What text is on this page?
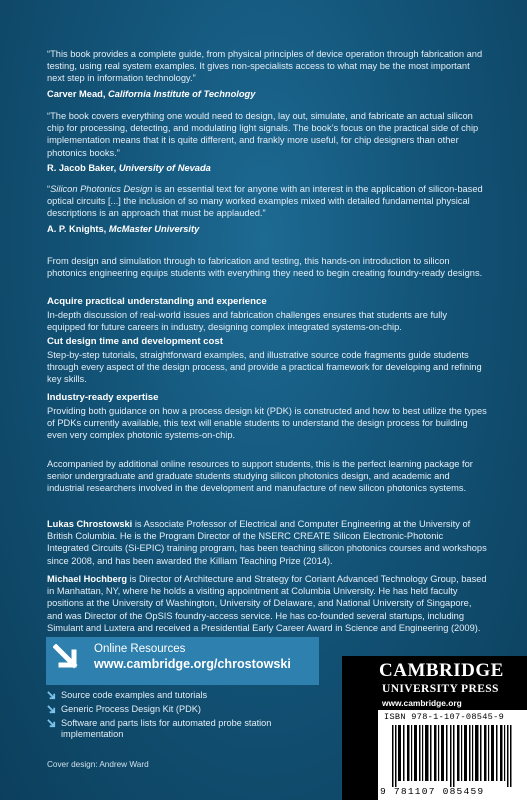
“This book provides a complete guide, from physical principles of device operation through fabrication and testing, using real system examples. It gives non-specialists access to what may be the most important next step in information technology.”

Carver Mead, California Institute of Technology

“The book covers everything one would need to design, lay out, simulate, and fabricate an actual silicon chip for processing, detecting, and modulating light signals. The book’s focus on the practical side of chip implementation means that it is quite different, and frankly more useful, for chip designers than other photonics books.”

R. Jacob Baker, University of Nevada

“Silicon Photonics Design is an essential text for anyone with an interest in the application of silicon-based optical circuits [...] the inclusion of so many worked examples mixed with detailed fundamental physical descriptions is an approach that must be applauded.”

A. P. Knights, McMaster University

From design and simulation through to fabrication and testing, this hands-on introduction to silicon photonics engineering equips students with everything they need to begin creating foundry-ready designs.

Acquire practical understanding and experience

In-depth discussion of real-world issues and fabrication challenges ensures that students are fully equipped for future careers in industry, designing complex integrated systems-on-chip.

Cut design time and development cost

Step-by-step tutorials, straightforward examples, and illustrative source code fragments guide students through every aspect of the design process, and provide a practical framework for developing and refining key skills.

Industry-ready expertise

Providing both guidance on how a process design kit (PDK) is constructed and how to best utilize the types of PDKs currently available, this text will enable students to understand the design process for building even very complex photonic systems-on-chip.

Accompanied by additional online resources to support students, this is the perfect learning package for senior undergraduate and graduate students studying silicon photonics design, and academic and industrial researchers involved in the development and manufacture of new silicon photonics systems.

Lukas Chrostowski is Associate Professor of Electrical and Computer Engineering at the University of British Columbia. He is the Program Director of the NSERC CREATE Silicon Electronic-Photonic Integrated Circuits (Si-EPIC) training program, has been teaching silicon photonics courses and workshops since 2008, and has been awarded the Killiam Teaching Prize (2014).

Michael Hochberg is Director of Architecture and Strategy for Coriant Advanced Technology Group, based in Manhattan, NY, where he holds a visiting appointment at Columbia University. He has held faculty positions at the University of Washington, University of Delaware, and National University of Singapore, and was Director of the OpSIS foundry-access service. He has co-founded several startups, including Simulant and Luxtera and received a Presidential Early Career Award in Science and Engineering (2009).

Online Resources
www.cambridge.org/chrostowski
Source code examples and tutorials
Generic Process Design Kit (PDK)
Software and parts lists for automated probe station implementation
Cover design: Andrew Ward
CAMBRIDGE
UNIVERSITY PRESS
www.cambridge.org
ISBN 978-1-107-08545-9
9 781107 085459
